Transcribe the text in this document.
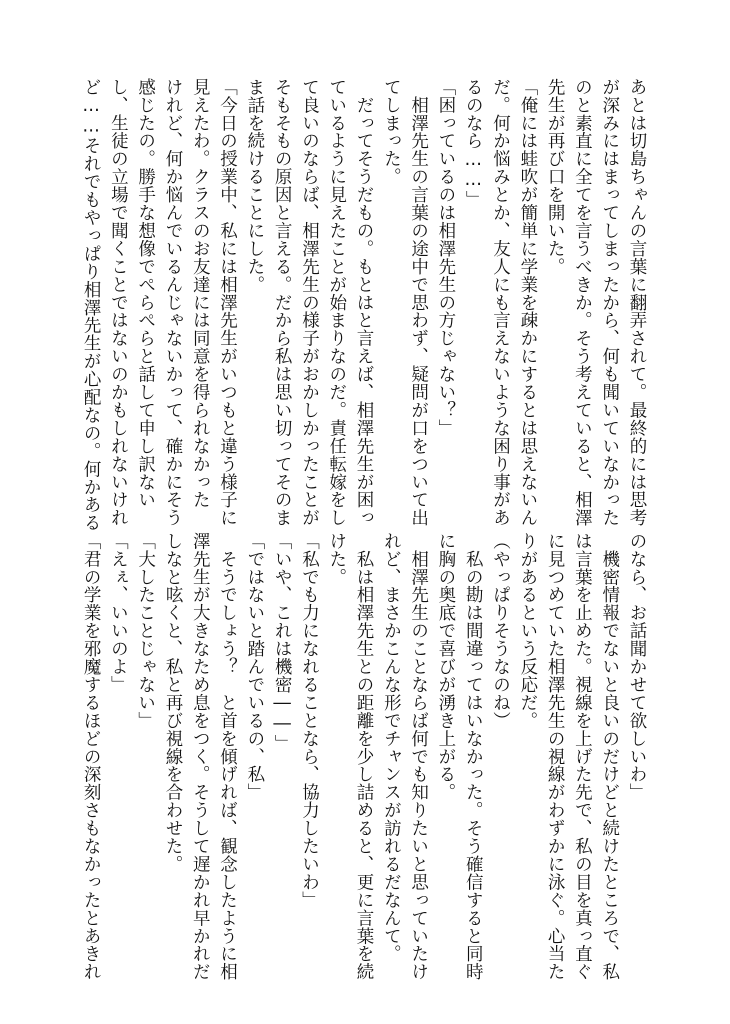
あとは切島ちゃんの言葉に翻弄されて。最終的には思考
が深みにはまってしまったから、何も聞いていなかった
のと素直に全てを言うべきか。そう考えていると、相澤
先生が再び口を開いた。
「俺には蛙吹が簡単に学業を疎かにするとは思えないん
だ。何か悩みとか、友人にも言えないような困り事があ
るのなら……」
「困っているのは相澤先生の方じゃない？」
　相澤先生の言葉の途中で思わず、疑問が口をついて出
てしまった。
　だってそうだもの。もとはと言えば、相澤先生が困っ
ているように見えたことが始まりなのだ。責任転嫁をし
て良いのならば、相澤先生の様子がおかしかったことが
そもそもの原因と言える。だから私は思い切ってそのま
ま話を続けることにした。
「今日の授業中、私には相澤先生がいつもと違う様子に
見えたわ。クラスのお友達には同意を得られなかった
けれど、何か悩んでいるんじゃないかって、確かにそう
感じたの。勝手な想像でぺらぺらと話して申し訳ない
し、生徒の立場で聞くことではないのかもしれないけれ
ど……それでもやっぱり相澤先生が心配なの。何かある
のなら、お話聞かせて欲しいわ」
　機密情報でないと良いのだけどと続けたところで、私
は言葉を止めた。視線を上げた先で、私の目を真っ直ぐ
に見つめていた相澤先生の視線がわずかに泳ぐ。心当た
りがあるという反応だ。
（やっぱりそうなのね）
　私の勘は間違ってはいなかった。そう確信すると同時
に胸の奥底で喜びが湧き上がる。
　相澤先生のことならば何でも知りたいと思っていたけ
れど、まさかこんな形でチャンスが訪れるだなんて。
　私は相澤先生との距離を少し詰めると、更に言葉を続
けた。
「私でも力になれることなら、協力したいわ」
「いや、これは機密――」
「ではないと踏んでいるの、私」
　そうでしょう？　と首を傾げれば、観念したように相
澤先生が大きなため息をつく。そうして遅かれ早かれだ
しなと呟くと、私と再び視線を合わせた。
「大したことじゃない」
「えぇ、いいのよ」
「君の学業を邪魔するほどの深刻さもなかったとあきれ
